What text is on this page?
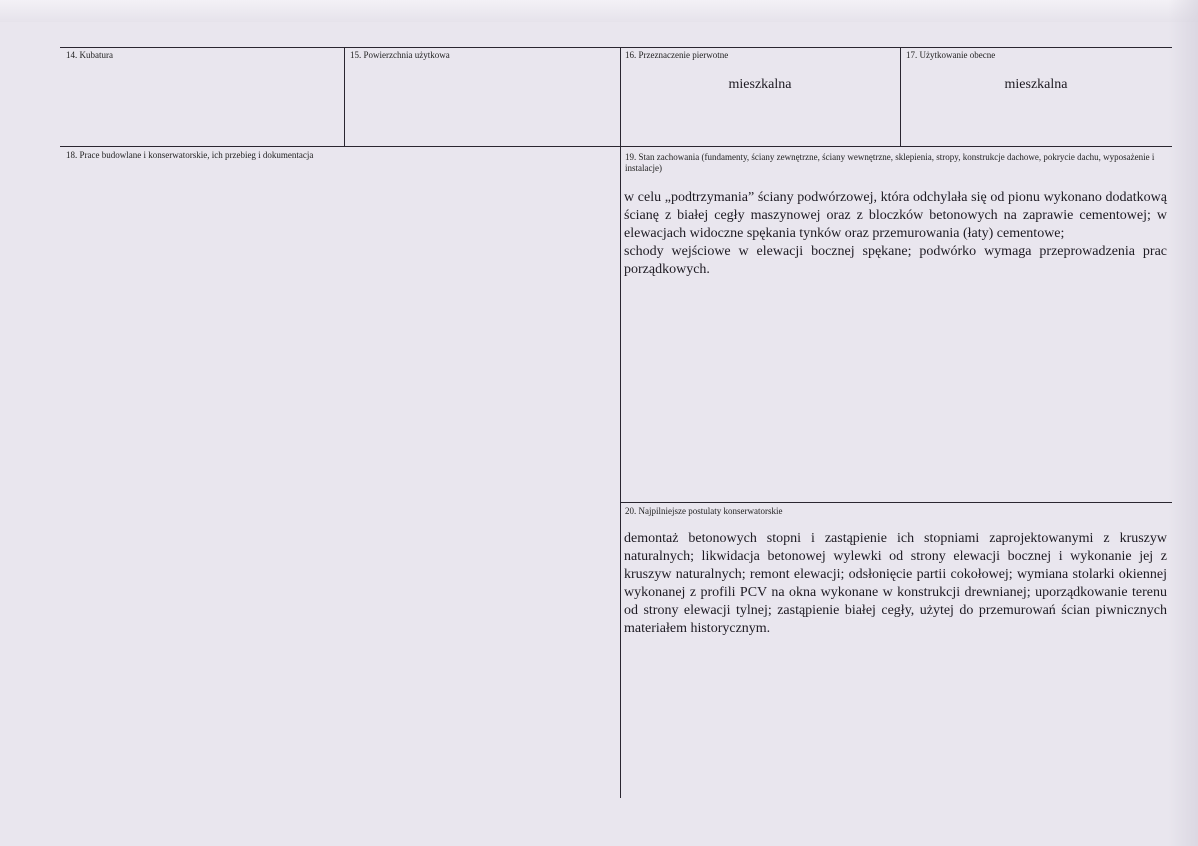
14. Kubatura	15. Powierzchnia użytkowa	16. Przeznaczenie pierwotne
mieszkalna
17. Użytkowanie obecne
mieszkalna
18. Prace budowlane i konserwatorskie, ich przebieg i dokumentacja	19. Stan zachowania (fundamenty, ściany zewnętrzne, ściany wewnętrzne, sklepienia, stropy, konstrukcje dachowe, pokrycie dachu, wyposażenie i instalacje)
w celu „podtrzymania” ściany podwórzowej, która odchylała się od pionu wykonano dodatkową ścianę z białej cegły maszynowej oraz z bloczków betonowych na zaprawie cementowej; w elewacjach widoczne spękania tynków oraz przemurowania (łaty) cementowe;
schody wejściowe w elewacji bocznej spękane; podwórko wymaga przeprowadzenia prac porządkowych.
20. Najpilniejsze postulaty konserwatorskie
demontaż betonowych stopni i zastąpienie ich stopniami zaprojektowanymi z kruszyw naturalnych; likwidacja betonowej wylewki od strony elewacji bocznej i wykonanie jej z kruszyw naturalnych; remont elewacji; odsłonięcie partii cokołowej; wymiana stolarki okiennej wykonanej z profili PCV na okna wykonane w konstrukcji drewnianej; uporządkowanie terenu od strony elewacji tylnej; zastąpienie białej cegły, użytej do przemurowań ścian piwnicznych materiałem historycznym.
